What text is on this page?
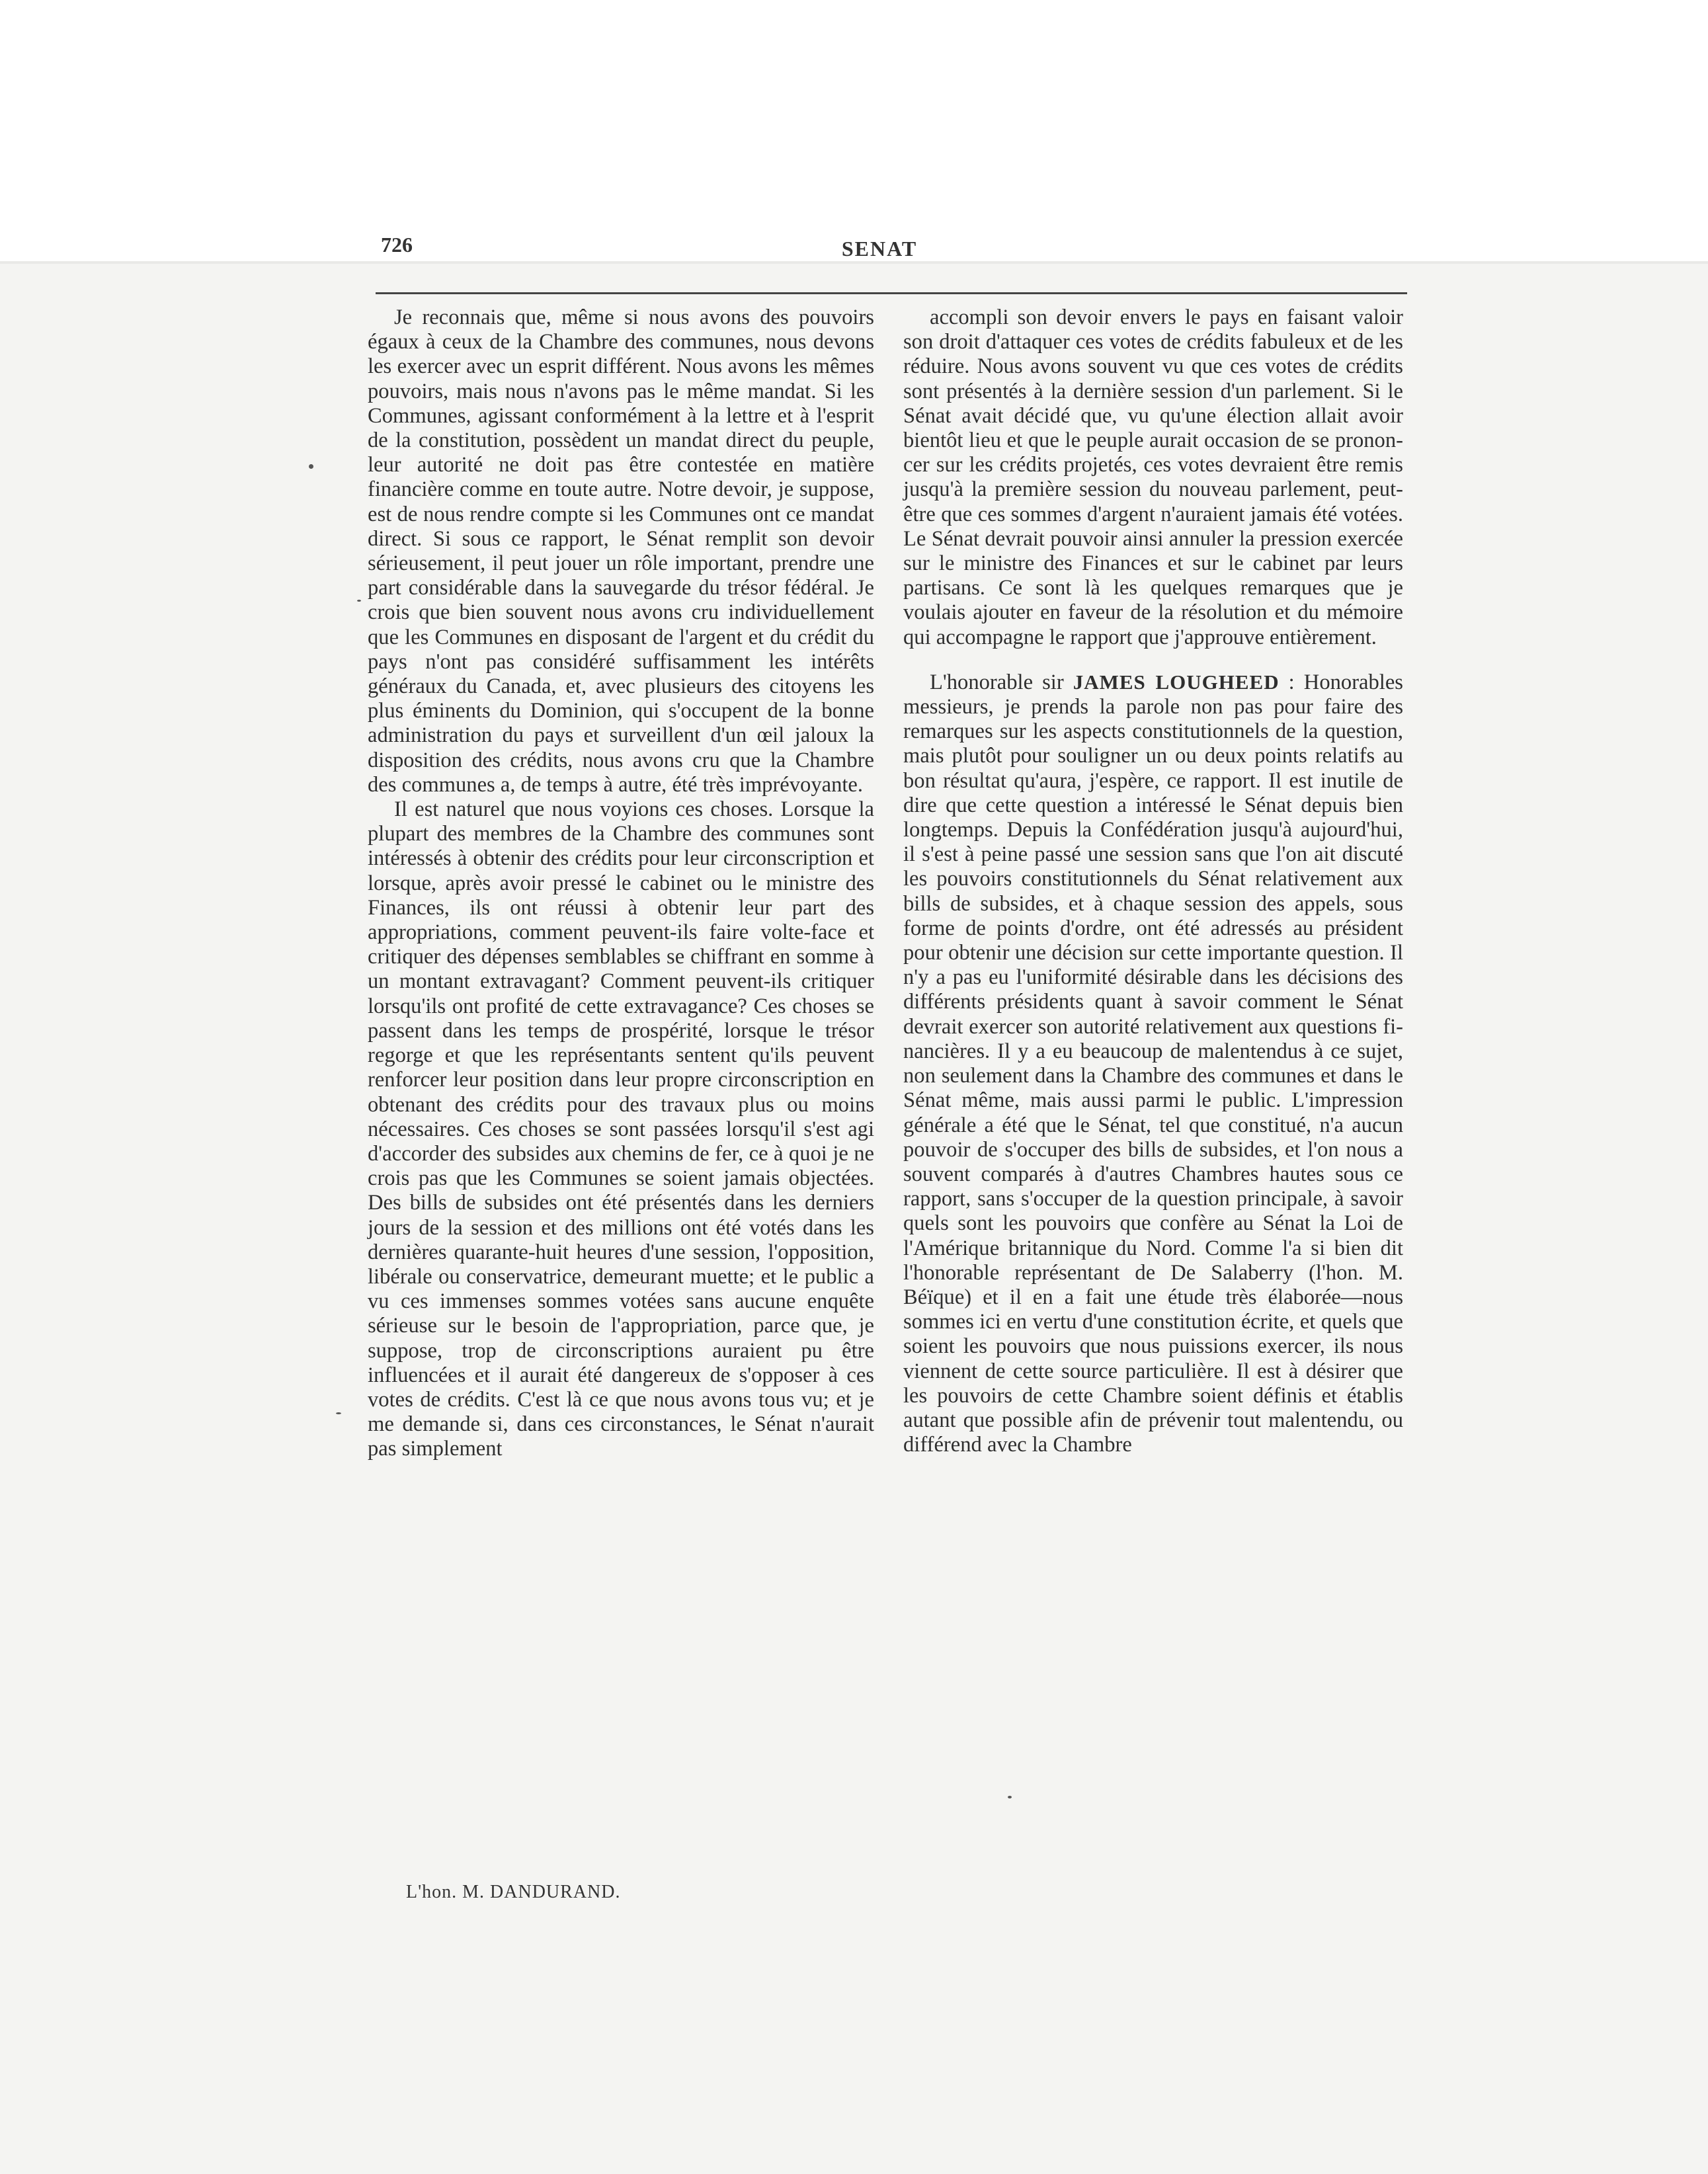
726	SENAT

Je reconnais que, même si nous avons des pouvoirs égaux à ceux de la Chambre des communes, nous devons les exercer avec un esprit différent. Nous avons les mêmes pouvoirs, mais nous n'avons pas le même mandat. Si les Communes, agissant conformément à la lettre et à l'esprit de la constitution, possèdent un mandat direct du peuple, leur autorité ne doit pas être contestée en matière financière comme en toute autre. Notre devoir, je suppose, est de nous rendre compte si les Communes ont ce mandat direct. Si sous ce rapport, le Sénat remplit son devoir sérieusement, il peut jouer un rôle important, prendre une part considérable dans la sauvegarde du trésor fédéral. Je crois que bien souvent nous avons cru individuellement que les Communes en disposant de l'argent et du crédit du pays n'ont pas considéré suffisamment les intérêts généraux du Canada, et, avec plusieurs des citoyens les plus éminents du Dominion, qui s'occupent de la bonne administration du pays et surveillent d'un œil jaloux la disposition des crédits, nous avons cru que la Chambre des communes a, de temps à autre, été très imprévoyante.

Il est naturel que nous voyions ces choses. Lorsque la plupart des membres de la Chambre des communes sont intéressés à obtenir des crédits pour leur circonscription et lorsque, après avoir pressé le cabinet ou le ministre des Finances, ils ont réussi à obtenir leur part des appropriations, comment peuvent-ils faire volte-face et critiquer des dépenses semblables se chiffrant en somme à un montant extravagant? Comment peuvent-ils critiquer lorsqu'ils ont profité de cette extravagance? Ces choses se passent dans les temps de prospérité, lorsque le trésor regorge et que les représentants sentent qu'ils peuvent renforcer leur position dans leur propre circonscription en obtenant des crédits pour des travaux plus ou moins nécessaires. Ces choses se sont passées lorsqu'il s'est agi d'accorder des subsides aux chemins de fer, ce à quoi je ne crois pas que les Communes se soient jamais objectées. Des bills de subsides ont été présentés dans les derniers jours de la session et des millions ont été votés dans les dernières quarante-huit heures d'une session, l'opposition, libérale ou conservatrice, demeurant muette; et le public a vu ces immenses sommes votées sans aucune enquête sérieuse sur le besoin de l'appropriation, parce que, je suppose, trop de circonscriptions auraient pu être influencées et il aurait été dangereux de s'opposer à ces votes de crédits. C'est là ce que nous avons tous vu; et je me demande si, dans ces circonstances, le Sénat n'aurait pas simplement

L'hon. M. DANDURAND.

accompli son devoir envers le pays en faisant valoir son droit d'attaquer ces votes de crédits fabuleux et de les réduire. Nous avons souvent vu que ces votes de crédits sont présentés à la dernière session d'un parlement. Si le Sénat avait décidé que, vu qu'une élection allait avoir bientôt lieu et que le peuple aurait occasion de se prononcer sur les crédits projetés, ces votes devraient être remis jusqu'à la première session du nouveau parlement, peut-être que ces sommes d'argent n'auraient jamais été votées. Le Sénat devrait pouvoir ainsi annuler la pression exercée sur le ministre des Finances et sur le cabinet par leurs partisans. Ce sont là les quelques remarques que je voulais ajouter en faveur de la résolution et du mémoire qui accompagne le rapport que j'approuve entièrement.

L'honorable sir JAMES LOUGHEED : Honorables messieurs, je prends la parole non pas pour faire des remarques sur les aspects constitutionnels de la question, mais plutôt pour souligner un ou deux points relatifs au bon résultat qu'aura, j'espère, ce rapport. Il est inutile de dire que cette question a intéressé le Sénat depuis bien longtemps. Depuis la Confédération jusqu'à aujourd'hui, il s'est à peine passé une session sans que l'on ait discuté les pouvoirs constitutionnels du Sénat relativement aux bills de subsides, et à chaque session des appels, sous forme de points d'ordre, ont été adressés au président pour obtenir une décision sur cette importante question. Il n'y a pas eu l'uniformité désirable dans les décisions des différents présidents quant à savoir comment le Sénat devrait exercer son autorité relativement aux questions financières. Il y a eu beaucoup de malentendus à ce sujet, non seulement dans la Chambre des communes et dans le Sénat même, mais aussi parmi le public. L'impression générale a été que le Sénat, tel que constitué, n'a aucun pouvoir de s'occuper des bills de subsides, et l'on nous a souvent comparés à d'autres Chambres hautes sous ce rapport, sans s'occuper de la question principale, à savoir quels sont les pouvoirs que confère au Sénat la Loi de l'Amérique britannique du Nord. Comme l'a si bien dit l'honorable représentant de De Salaberry (l'hon. M. Béïque) et il en a fait une étude très élaborée—nous sommes ici en vertu d'une constitution écrite, et quels que soient les pouvoirs que nous puissions exercer, ils nous viennent de cette source particulière. Il est à désirer que les pouvoirs de cette Chambre soient définis et établis autant que possible afin de prévenir tout malentendu, ou différend avec la Chambre
